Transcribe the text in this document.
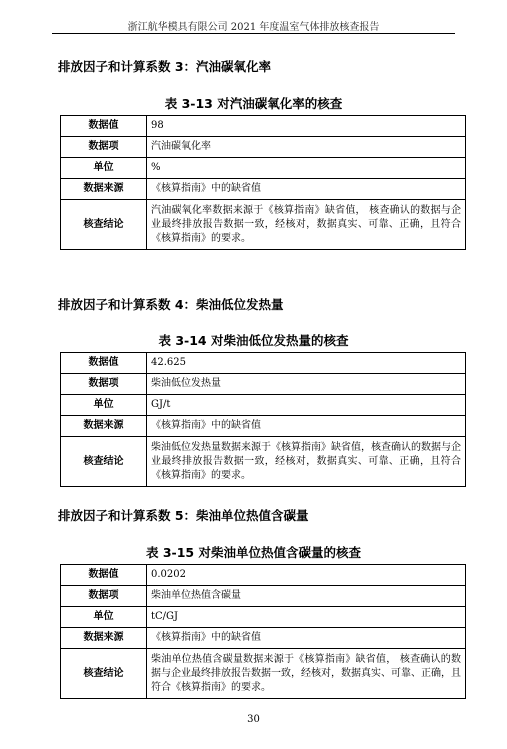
浙江航华模具有限公司 2021 年度温室气体排放核查报告
排放因子和计算系数 3：汽油碳氧化率
表 3-13 对汽油碳氧化率的核查
数据值	98
数据项	汽油碳氧化率
单位	%
数据来源	《核算指南》中的缺省值
核查结论	汽油碳氧化率数据来源于《核算指南》缺省值， 核查确认的数据与企业最终排放报告数据一致，经核对，数据真实、可靠、正确，且符合《核算指南》的要求。
排放因子和计算系数 4：柴油低位发热量
表 3-14 对柴油低位发热量的核查
数据值	42.625
数据项	柴油低位发热量
单位	GJ/t
数据来源	《核算指南》中的缺省值
核查结论	柴油低位发热量数据来源于《核算指南》缺省值，核查确认的数据与企业最终排放报告数据一致，经核对，数据真实、可靠、正确，且符合《核算指南》的要求。
排放因子和计算系数 5：柴油单位热值含碳量
表 3-15 对柴油单位热值含碳量的核查
数据值	0.0202
数据项	柴油单位热值含碳量
单位	tC/GJ
数据来源	《核算指南》中的缺省值
核查结论	柴油单位热值含碳量数据来源于《核算指南》缺省值， 核查确认的数据与企业最终排放报告数据一致，经核对，数据真实、可靠、正确，且符合《核算指南》的要求。
30
